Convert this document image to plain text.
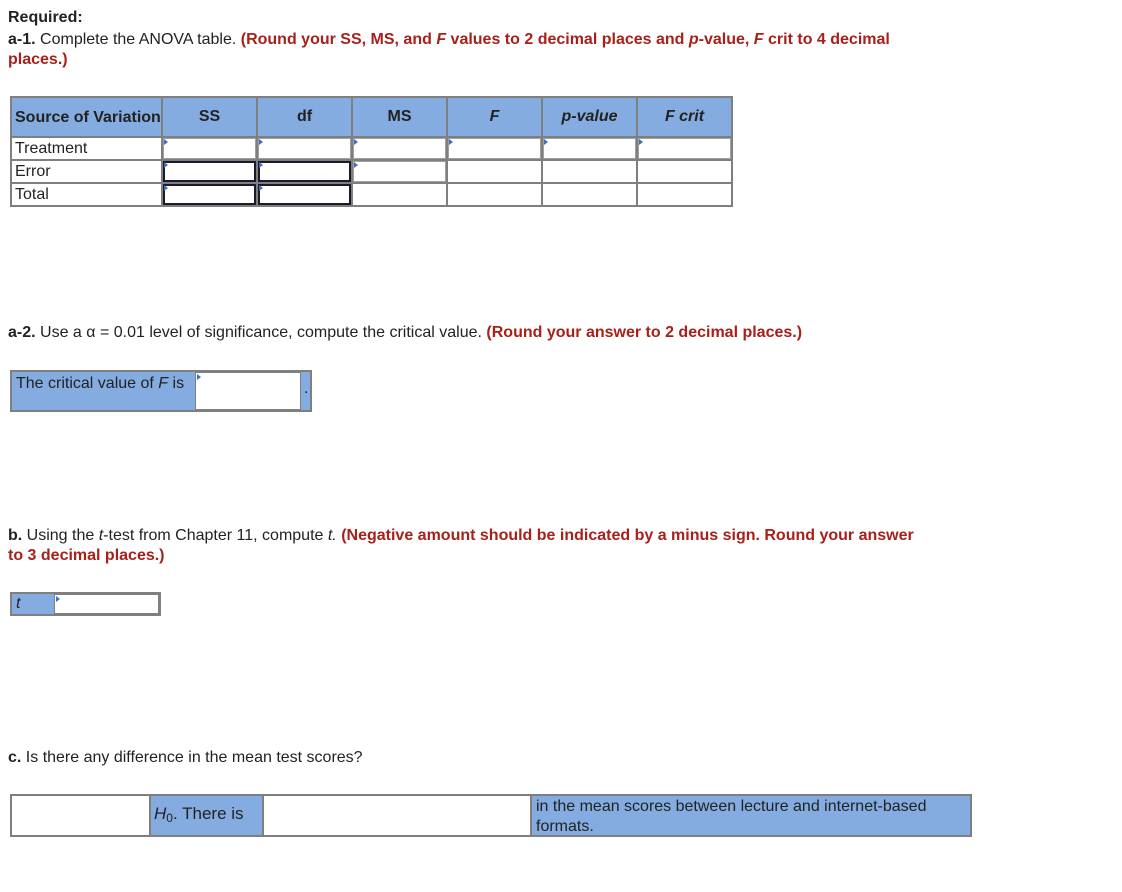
Required:
a-1. Complete the ANOVA table. (Round your SS, MS, and F values to 2 decimal places and p-value, F crit to 4 decimal places.)
Source of Variation	SS	df	MS	F	p-value	F crit
Treatment	

Error	

Total	

a-2. Use a α = 0.01 level of significance, compute the critical value. (Round your answer to 2 decimal places.)
The critical value of F is	.
b. Using the t-test from Chapter 11, compute t. (Negative amount should be indicated by a minus sign. Round your answer to 3 decimal places.)
t
c. Is there any difference in the mean test scores?
$H_0$. There is	in the mean scores between lecture and internet-based formats.
